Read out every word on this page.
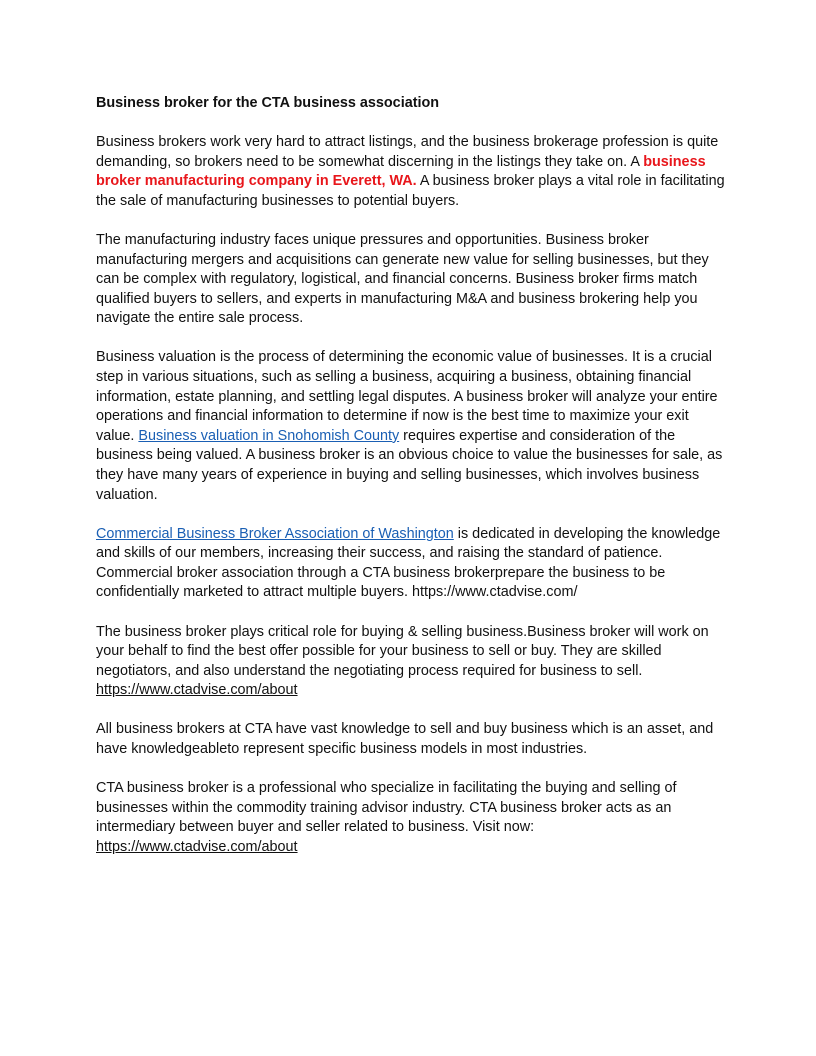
Business broker for the CTA business association

Business brokers work very hard to attract listings, and the business brokerage profession is quite demanding, so brokers need to be somewhat discerning in the listings they take on. A business broker manufacturing company in Everett, WA. A business broker plays a vital role in facilitating the sale of manufacturing businesses to potential buyers.

The manufacturing industry faces unique pressures and opportunities. Business broker manufacturing mergers and acquisitions can generate new value for selling businesses, but they can be complex with regulatory, logistical, and financial concerns. Business broker firms match qualified buyers to sellers, and experts in manufacturing M&A and business brokering help you navigate the entire sale process.

Business valuation is the process of determining the economic value of businesses. It is a crucial step in various situations, such as selling a business, acquiring a business, obtaining financial information, estate planning, and settling legal disputes. A business broker will analyze your entire operations and financial information to determine if now is the best time to maximize your exit value. Business valuation in Snohomish County requires expertise and consideration of the business being valued. A business broker is an obvious choice to value the businesses for sale, as they have many years of experience in buying and selling businesses, which involves business valuation.

Commercial Business Broker Association of Washington is dedicated in developing the knowledge and skills of our members, increasing their success, and raising the standard of patience. Commercial broker association through a CTA business brokerprepare the business to be confidentially marketed to attract multiple buyers. https://www.ctadvise.com/

The business broker plays critical role for buying & selling business.Business broker will work on your behalf to find the best offer possible for your business to sell or buy. They are skilled negotiators, and also understand the negotiating process required for business to sell.
https://www.ctadvise.com/about

All business brokers at CTA have vast knowledge to sell and buy business which is an asset, and have knowledgeableto represent specific business models in most industries.

CTA business broker is a professional who specialize in facilitating the buying and selling of businesses within the commodity training advisor industry. CTA business broker acts as an intermediary between buyer and seller related to business. Visit now:
https://www.ctadvise.com/about
